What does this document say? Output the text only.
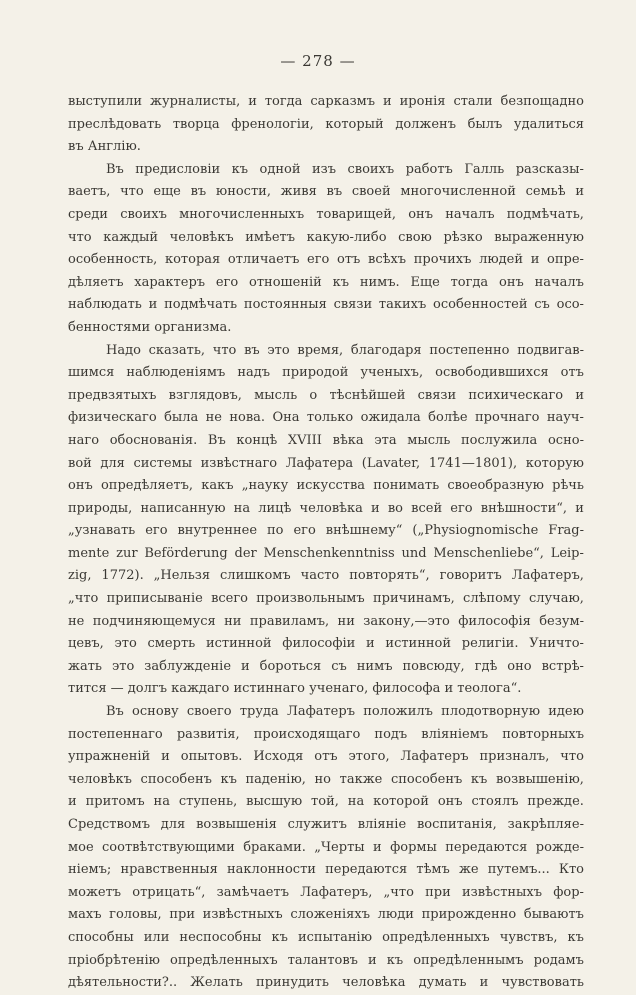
— 278 —
выступили журналисты, и тогда сарказмъ и иронія стали безпощадно
преслѣдовать творца френологіи, который долженъ былъ удалиться
въ Англію.
Въ предисловіи къ одной изъ своихъ работъ Галль разсказы-
ваетъ, что еще въ юности, живя въ своей многочисленной семьѣ и
среди своихъ многочисленныхъ товарищей, онъ началъ подмѣчать,
что каждый человѣкъ имѣетъ какую-либо свою рѣзко выраженную
особенность, которая отличаетъ его отъ всѣхъ прочихъ людей и опре-
дѣляетъ характеръ его отношеній къ нимъ. Еще тогда онъ началъ
наблюдать и подмѣчать постоянныя связи такихъ особенностей съ осо-
бенностями организма.
Надо сказать, что въ это время, благодаря постепенно подвигав-
шимся наблюденіямъ надъ природой ученыхъ, освободившихся отъ
предвзятыхъ взглядовъ, мысль о тѣснѣйшей связи психическаго и
физическаго была не нова. Она только ожидала болѣе прочнаго науч-
наго обоснованія. Въ концѣ XVIII вѣка эта мысль послужила осно-
вой для системы извѣстнаго Лафатера (Lavater, 1741—1801), которую
онъ опредѣляетъ, какъ „науку искусства понимать своеобразную рѣчь
природы, написанную на лицѣ человѣка и во всей его внѣшности“, и
„узнавать его внутреннее по его внѣшнему“ („Physiognomische Frag-
mente zur Beförderung der Menschenkenntniss und Menschenliebe“, Leip-
zig, 1772). „Нельзя слишкомъ часто повторять“, говоритъ Лафатеръ,
„что приписываніе всего произвольнымъ причинамъ, слѣпому случаю,
не подчиняющемуся ни правиламъ, ни закону,—это философія безум-
цевъ, это смерть истинной философіи и истинной религіи. Уничто-
жать это заблужденіе и бороться съ нимъ повсюду, гдѣ оно встрѣ-
тится — долгъ каждаго истиннаго ученаго, философа и теолога“.
Въ основу своего труда Лафатеръ положилъ плодотворную идею
постепеннаго развитія, происходящаго подъ вліяніемъ повторныхъ
упражненій и опытовъ. Исходя отъ этого, Лафатеръ призналъ, что
человѣкъ способенъ къ паденію, но также способенъ къ возвышенію,
и притомъ на ступень, высшую той, на которой онъ стоялъ прежде.
Средствомъ для возвышенія служитъ вліяніе воспитанія, закрѣпляе-
мое соотвѣтствующими браками. „Черты и формы передаются рожде-
ніемъ; нравственныя наклонности передаются тѣмъ же путемъ... Кто
можетъ отрицать“, замѣчаетъ Лафатеръ, „что при извѣстныхъ фор-
махъ головы, при извѣстныхъ сложеніяхъ люди прирожденно бываютъ
способны или неспособны къ испытанію опредѣленныхъ чувствъ, къ
пріобрѣтенію опредѣленныхъ талантовъ и къ опредѣленнымъ родамъ
дѣятельности?.. Желать принудить человѣка думать и чувствовать
